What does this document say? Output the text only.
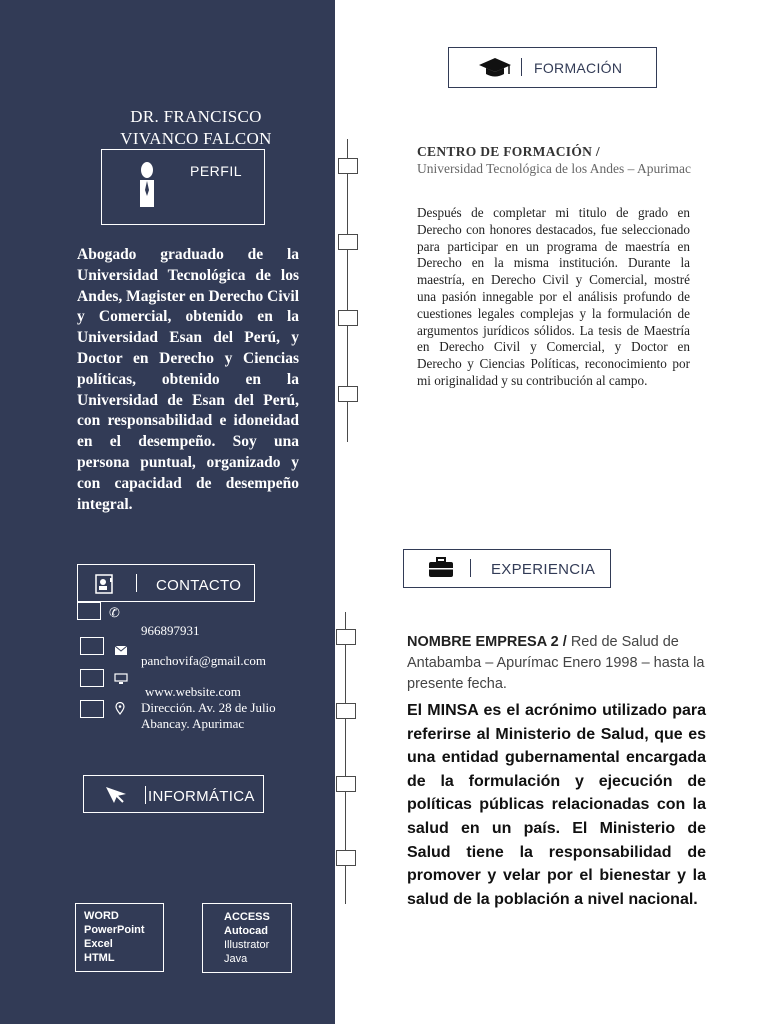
DR. FRANCISCO
VIVANCO FALCON
PERFIL
Abogado graduado de la Universidad Tecnológica de los Andes, Magister en Derecho Civil y Comercial, obtenido en la Universidad Esan del Perú, y Doctor en Derecho y Ciencias políticas, obtenido en la Universidad de Esan del Perú, con responsabilidad e idoneidad en el desempeño. Soy una persona puntual, organizado y con capacidad de desempeño integral.
CONTACTO
✆
966897931
panchovifa@gmail.com
www.website.com
Dirección. Av. 28 de Julio
Abancay. Apurimac
INFORMÁTICA
WORD
PowerPoint
Excel
HTML
ACCESS
Autocad
Illustrator
Java
FORMACIÓN
CENTRO DE FORMACIÓN /
Universidad Tecnológica de los Andes – Apurimac
Después de completar mi titulo de grado en Derecho con honores destacados, fue seleccionado para participar en un programa de maestría en Derecho en la misma institución. Durante la maestría, en Derecho Civil y Comercial, mostré una pasión innegable por el análisis profundo de cuestiones legales complejas y la formulación de argumentos jurídicos sólidos. La tesis de Maestría en Derecho Civil y Comercial, y Doctor en Derecho y Ciencias Políticas, reconocimiento por mi originalidad y su contribución al campo.
EXPERIENCIA
NOMBRE EMPRESA 2 / Red de Salud de Antabamba – Apurímac Enero 1998 – hasta la presente fecha.
El MINSA es el acrónimo utilizado para referirse al Ministerio de Salud, que es una entidad gubernamental encargada de la formulación y ejecución de políticas públicas relacionadas con la salud en un país. El Ministerio de Salud tiene la responsabilidad de promover y velar por el bienestar y la salud de la población a nivel nacional.
